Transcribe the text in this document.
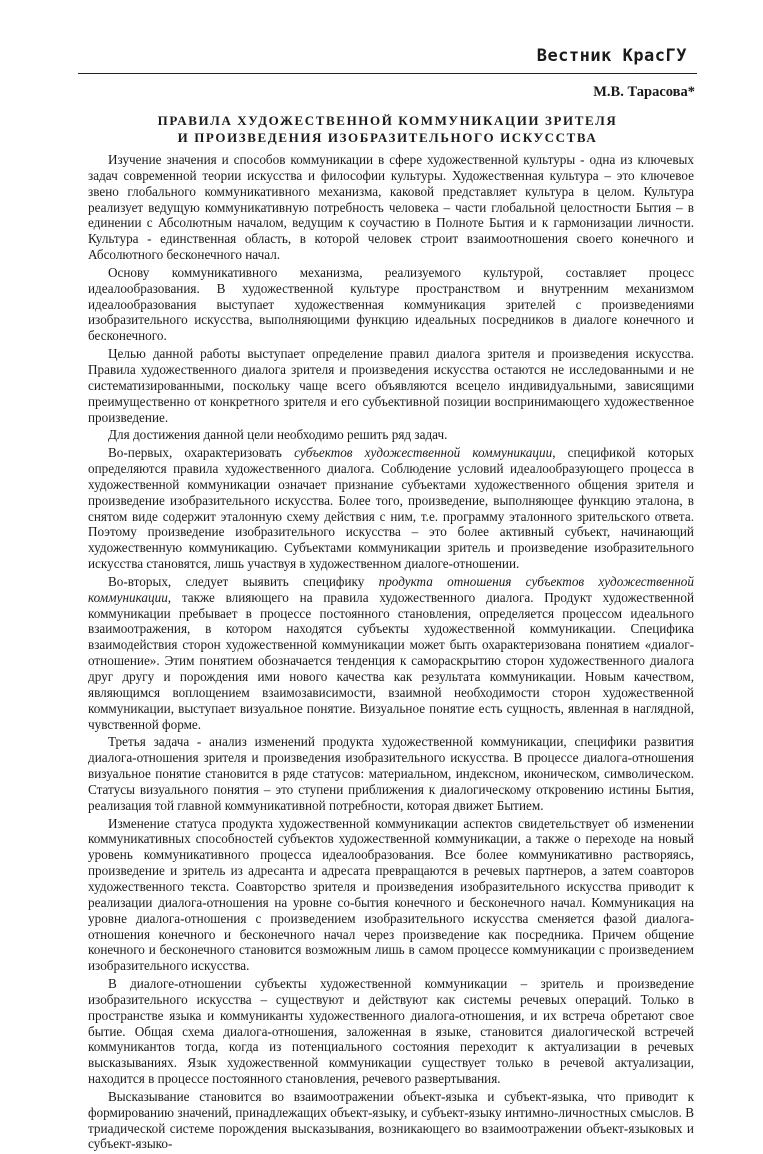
Вестник КрасГУ
М.В. Тарасова*
ПРАВИЛА ХУДОЖЕСТВЕННОЙ КОММУНИКАЦИИ ЗРИТЕЛЯ
И ПРОИЗВЕДЕНИЯ ИЗОБРАЗИТЕЛЬНОГО ИСКУССТВА

Изучение значения и способов коммуникации в сфере художественной культуры - одна из ключевых задач современной теории искусства и философии культуры. Художественная культура – это ключевое звено глобального коммуникативного механизма, каковой представляет культура в целом. Культура реализует ведущую коммуникативную потребность человека – части глобальной целостности Бытия – в единении с Абсолютным началом, ведущим к соучастию в Полноте Бытия и к гармонизации личности. Культура - единственная область, в которой человек строит взаимоотношения своего конечного и Абсолютного бесконечного начал.

Основу коммуникативного механизма, реализуемого культурой, составляет процесс идеалообразования. В художественной культуре пространством и внутренним механизмом идеалообразования выступает художественная коммуникация зрителей с произведениями изобразительного искусства, выполняющими функцию идеальных посредников в диалоге конечного и бесконечного.

Целью данной работы выступает определение правил диалога зрителя и произведения искусства. Правила художественного диалога зрителя и произведения искусства остаются не исследованными и не систематизированными, поскольку чаще всего объявляются всецело индивидуальными, зависящими преимущественно от конкретного зрителя и его субъективной позиции воспринимающего художественное произведение.

Для достижения данной цели необходимо решить ряд задач.

Во-первых, охарактеризовать субъектов художественной коммуникации, спецификой которых определяются правила художественного диалога. Соблюдение условий идеалообразующего процесса в художественной коммуникации означает признание субъектами художественного общения зрителя и произведение изобразительного искусства. Более того, произведение, выполняющее функцию эталона, в снятом виде содержит эталонную схему действия с ним, т.е. программу эталонного зрительского ответа. Поэтому произведение изобразительного искусства – это более активный субъект, начинающий художественную коммуникацию. Субъектами коммуникации зритель и произведение изобразительного искусства становятся, лишь участвуя в художественном диалоге-отношении.

Во-вторых, следует выявить специфику продукта отношения субъектов художественной коммуникации, также влияющего на правила художественного диалога. Продукт художественной коммуникации пребывает в процессе постоянного становления, определяется процессом идеального взаимоотражения, в котором находятся субъекты художественной коммуникации. Специфика взаимодействия сторон художественной коммуникации может быть охарактеризована понятием «диалог-отношение». Этим понятием обозначается тенденция к самораскрытию сторон художественного диалога друг другу и порождения ими нового качества как результата коммуникации. Новым качеством, являющимся воплощением взаимозависимости, взаимной необходимости сторон художественной коммуникации, выступает визуальное понятие. Визуальное понятие есть сущность, явленная в наглядной, чувственной форме.

Третья задача - анализ изменений продукта художественной коммуникации, специфики развития диалога-отношения зрителя и произведения изобразительного искусства. В процессе диалога-отношения визуальное понятие становится в ряде статусов: материальном, индексном, иконическом, символическом. Статусы визуального понятия – это ступени приближения к диалогическому откровению истины Бытия, реализация той главной коммуникативной потребности, которая движет Бытием.

Изменение статуса продукта художественной коммуникации аспектов свидетельствует об изменении коммуникативных способностей субъектов художественной коммуникации, а также о переходе на новый уровень коммуникативного процесса идеалообразования. Все более коммуникативно растворяясь, произведение и зритель из адресанта и адресата превращаются в речевых партнеров, а затем соавторов художественного текста. Соавторство зрителя и произведения изобразительного искусства приводит к реализации диалога-отношения на уровне со-бытия конечного и бесконечного начал. Коммуникация на уровне диалога-отношения с произведением изобразительного искусства сменяется фазой диалога-отношения конечного и бесконечного начал через произведение как посредника. Причем общение конечного и бесконечного становится возможным лишь в самом процессе коммуникации с произведением изобразительного искусства.

В диалоге-отношении субъекты художественной коммуникации – зритель и произведение изобразительного искусства – существуют и действуют как системы речевых операций. Только в пространстве языка и коммуниканты художественного диалога-отношения, и их встреча обретают свое бытие. Общая схема диалога-отношения, заложенная в языке, становится диалогической встречей коммуникантов тогда, когда из потенциального состояния переходит к актуализации в речевых высказываниях. Язык художественной коммуникации существует только в речевой актуализации, находится в процессе постоянного становления, речевого развертывания.

Высказывание становится во взаимоотражении объект-языка и субъект-языка, что приводит к формированию значений, принадлежащих объект-языку, и субъект-языку интимно-личностных смыслов. В триадической системе порождения высказывания, возникающего во взаимоотражении объект-языковых и субъект-языко-
